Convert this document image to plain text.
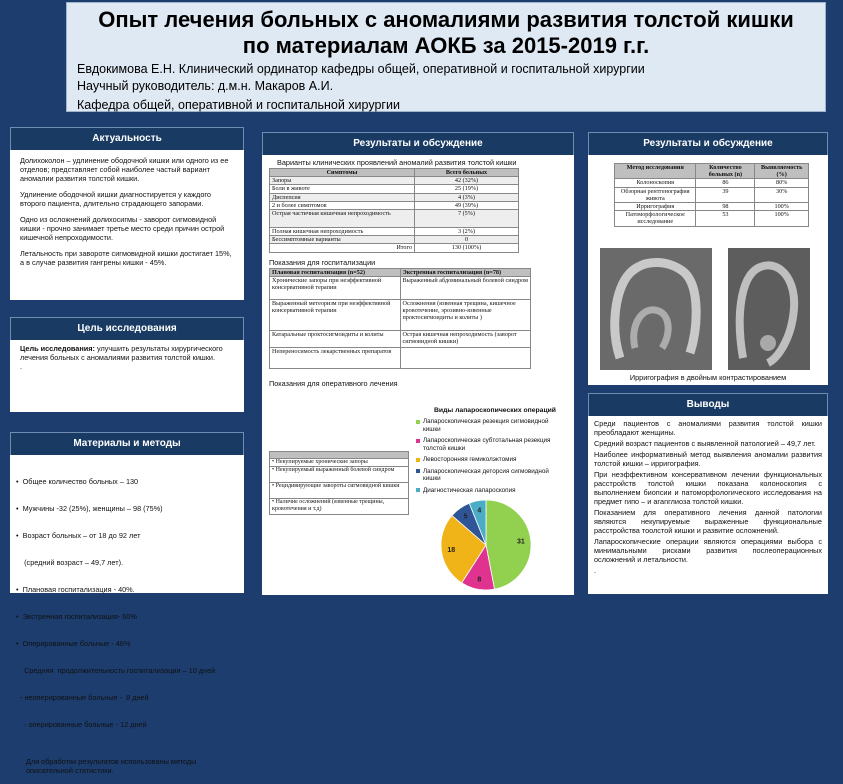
Опыт лечения больных с аномалиями развития толстой кишки
по материалам АОКБ за 2015-2019 г.г.
Евдокимова Е.Н. Клинический ординатор кафедры общей, оперативной и госпитальной хирургии
Научный руководитель: д.м.н. Макаров А.И.
Кафедра общей, оперативной и госпитальной хирургии
Актуальность

Долихоколон – удлинение ободочной кишки или одного из ее отделов; представляет собой наиболее частый вариант аномалии развития толстой кишки.

Удлинение ободочной кишки диагностируется у каждого второго пациента, длительно страдающего запорами.

Одно из осложнений долихосигмы - заворот сигмовидной кишки - прочно занимает третье место среди причин острой кишечной непроходимости.

Летальность при завороте сигмовидной кишки достигает 15%, а в случае развития гангрены кишки - 45%.

Цель исследования
Цель исследования: улучшить результаты хирургического лечения больных с аномалиями развития толстой кишки.
.
Материалы и методы

•  Общее количество больных – 130

•  Мужчины -32 (25%), женщины – 98 (75%)

•  Возраст больных – от 18 до 92 лет

(средний возраст – 49,7 лет).

•  Плановая госпитализация - 40%.

•  Экстренная госпитализация- 60%

•  Оперированные больные - 46%

Средняя  продолжительность госпитализации – 10 дней

- неоперированные больные -  8 дней

- оперированные больные - 12 дней

Для обработки результатов использованы методы описательной статистики.

Результаты и обсуждение
Варианты клинических проявлений аномалий развития толстой кишки
Симптомы	Всего больных
Запоры	42 (32%)
Боли в животе	25 (19%)
Диспепсия	4 (3%)
2 и более симптомов	49 (39%)
Острая частичная кишечная непроходимость	7 (5%)
Полная кишечная непроходимость	3 (2%)
Бессимптомные варианты	0
Итого	130 (100%)
Показания для госпитализации
Плановая госпитализация (n=52)	Экстренная госпитализация (n=78)
Хронические запоры при неэффективной консервативной терапии	Выраженный абдоминальный болевой синдром
Выраженный метеоризм при неэффективной консервативной терапии	Осложнения (язвенная трещина, кишечное кровотечение, эрозивно-язвенные проктосигмоидиты и колиты )
Катаральные проктосигмоидиты и колиты	Острая кишечная непроходимость (заворот сигмовидной кишки)
Непереносимость лекарственных препаратов	
Показания для оперативного лечения

• Некупируемые хронические запоры
• Некупируемый выраженный болевой синдром
• Рецидивирующие завороты сигмовидной кишки
• Наличие осложнений (язвенные трещины, кровотечения и т.д)
Виды лапароскопических операций
Лапароскопическая резекция сигмовидной кишки
Лапароскопическая субтотальная резекция толстой кишки
Левосторонняя гемиколэктомия
Лапароскопическая деторсия сигмовидной кишки
Диагностическая лапароскопия
31
8
18
5
4
Результаты и обсуждение
Метод исследования	Количество больных (n)	Выявляемость (%)
Колоноскопия	86	80%
Обзорная рентгенография живота	39	30%
Ирригография	98	100%
Патоморфологическое исследование	53	100%
Ирригография в двойным контрастированием
Выводы
Среди пациентов с аномалиями развития толстой кишки преобладают женщины.
Средний возраст пациентов с выявленной патологией – 49,7 лет.
Наиболее информативный метод выявления аномалии развития толстой кишки – ирригография.
При неэффективном консервативном лечении функциональных расстройств толстой кишки показана колоноскопия с выполнением биопсии и патоморфологического исследования на предмет гипо – и агanглиоза толстой кишки.
Показанием для оперативного лечения данной патологии являются некупируемые выраженные функциональные расстройства тоолстой кишки и развитие осложнений.
Лапароскопические операции являются операциями выбора с минимальными рисками развития послеоперационных осложнений и летальности.
.
